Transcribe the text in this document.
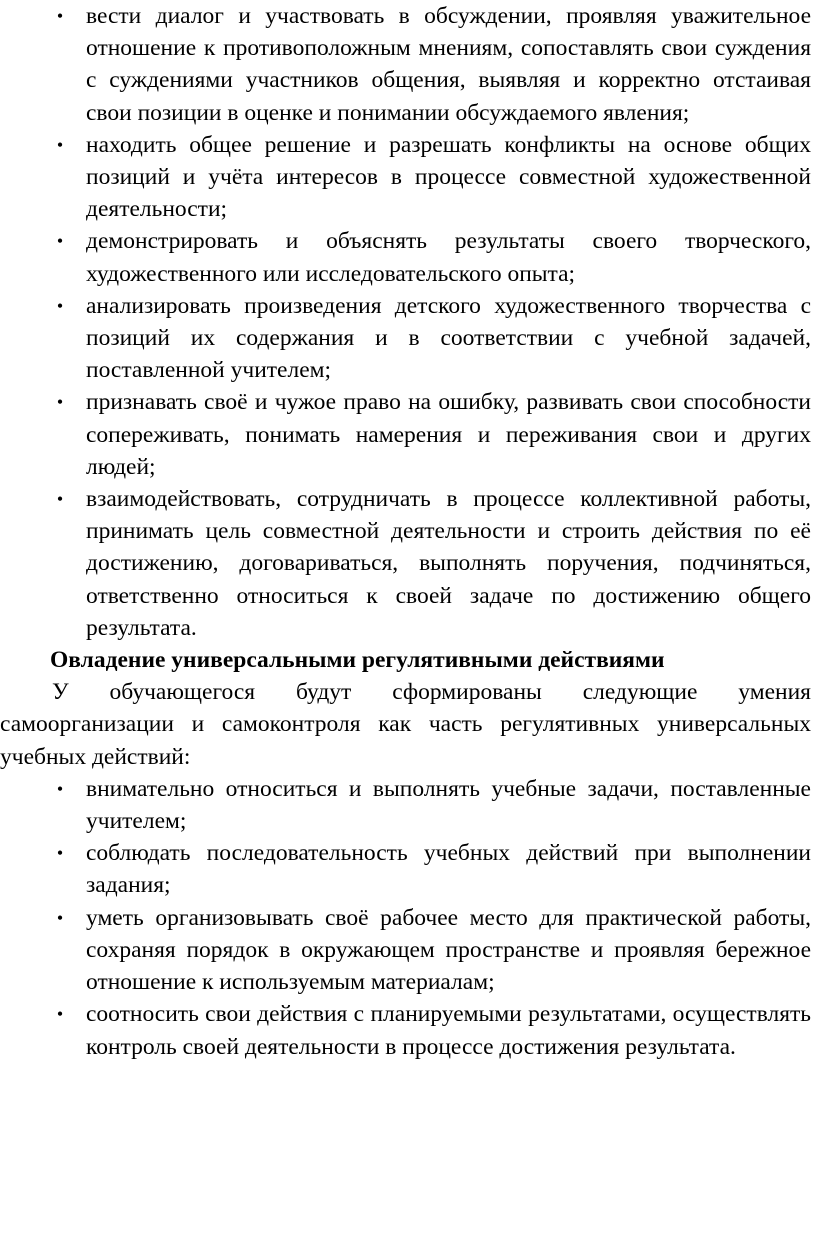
• вести диалог и участвовать в обсуждении, проявляя уважительное отношение к противоположным мнениям, сопоставлять свои суждения с суждениями участников общения, выявляя и корректно отстаивая свои позиции в оценке и понимании обсуждаемого явления;
• находить общее решение и разрешать конфликты на основе общих позиций и учёта интересов в процессе совместной художественной деятельности;
• демонстрировать и объяснять результаты своего творческого, художественного или исследовательского опыта;
• анализировать произведения детского художественного творчества с позиций их содержания и в соответствии с учебной задачей, поставленной учителем;
• признавать своё и чужое право на ошибку, развивать свои способности сопереживать, понимать намерения и переживания свои и других людей;
• взаимодействовать, сотрудничать в процессе коллективной работы, принимать цель совместной деятельности и строить действия по её достижению, договариваться, выполнять поручения, подчиняться, ответственно относиться к своей задаче по достижению общего результата.

Овладение универсальными регулятивными действиями

У обучающегося будут сформированы следующие умения самоорганизации и самоконтроля как часть регулятивных универсальных учебных действий:

• внимательно относиться и выполнять учебные задачи, поставленные учителем;
• соблюдать последовательность учебных действий при выполнении задания;
• уметь организовывать своё рабочее место для практической работы, сохраняя порядок в окружающем пространстве и проявляя бережное отношение к используемым материалам;
• соотносить свои действия с планируемыми результатами, осуществлять контроль своей деятельности в процессе достижения результата.
